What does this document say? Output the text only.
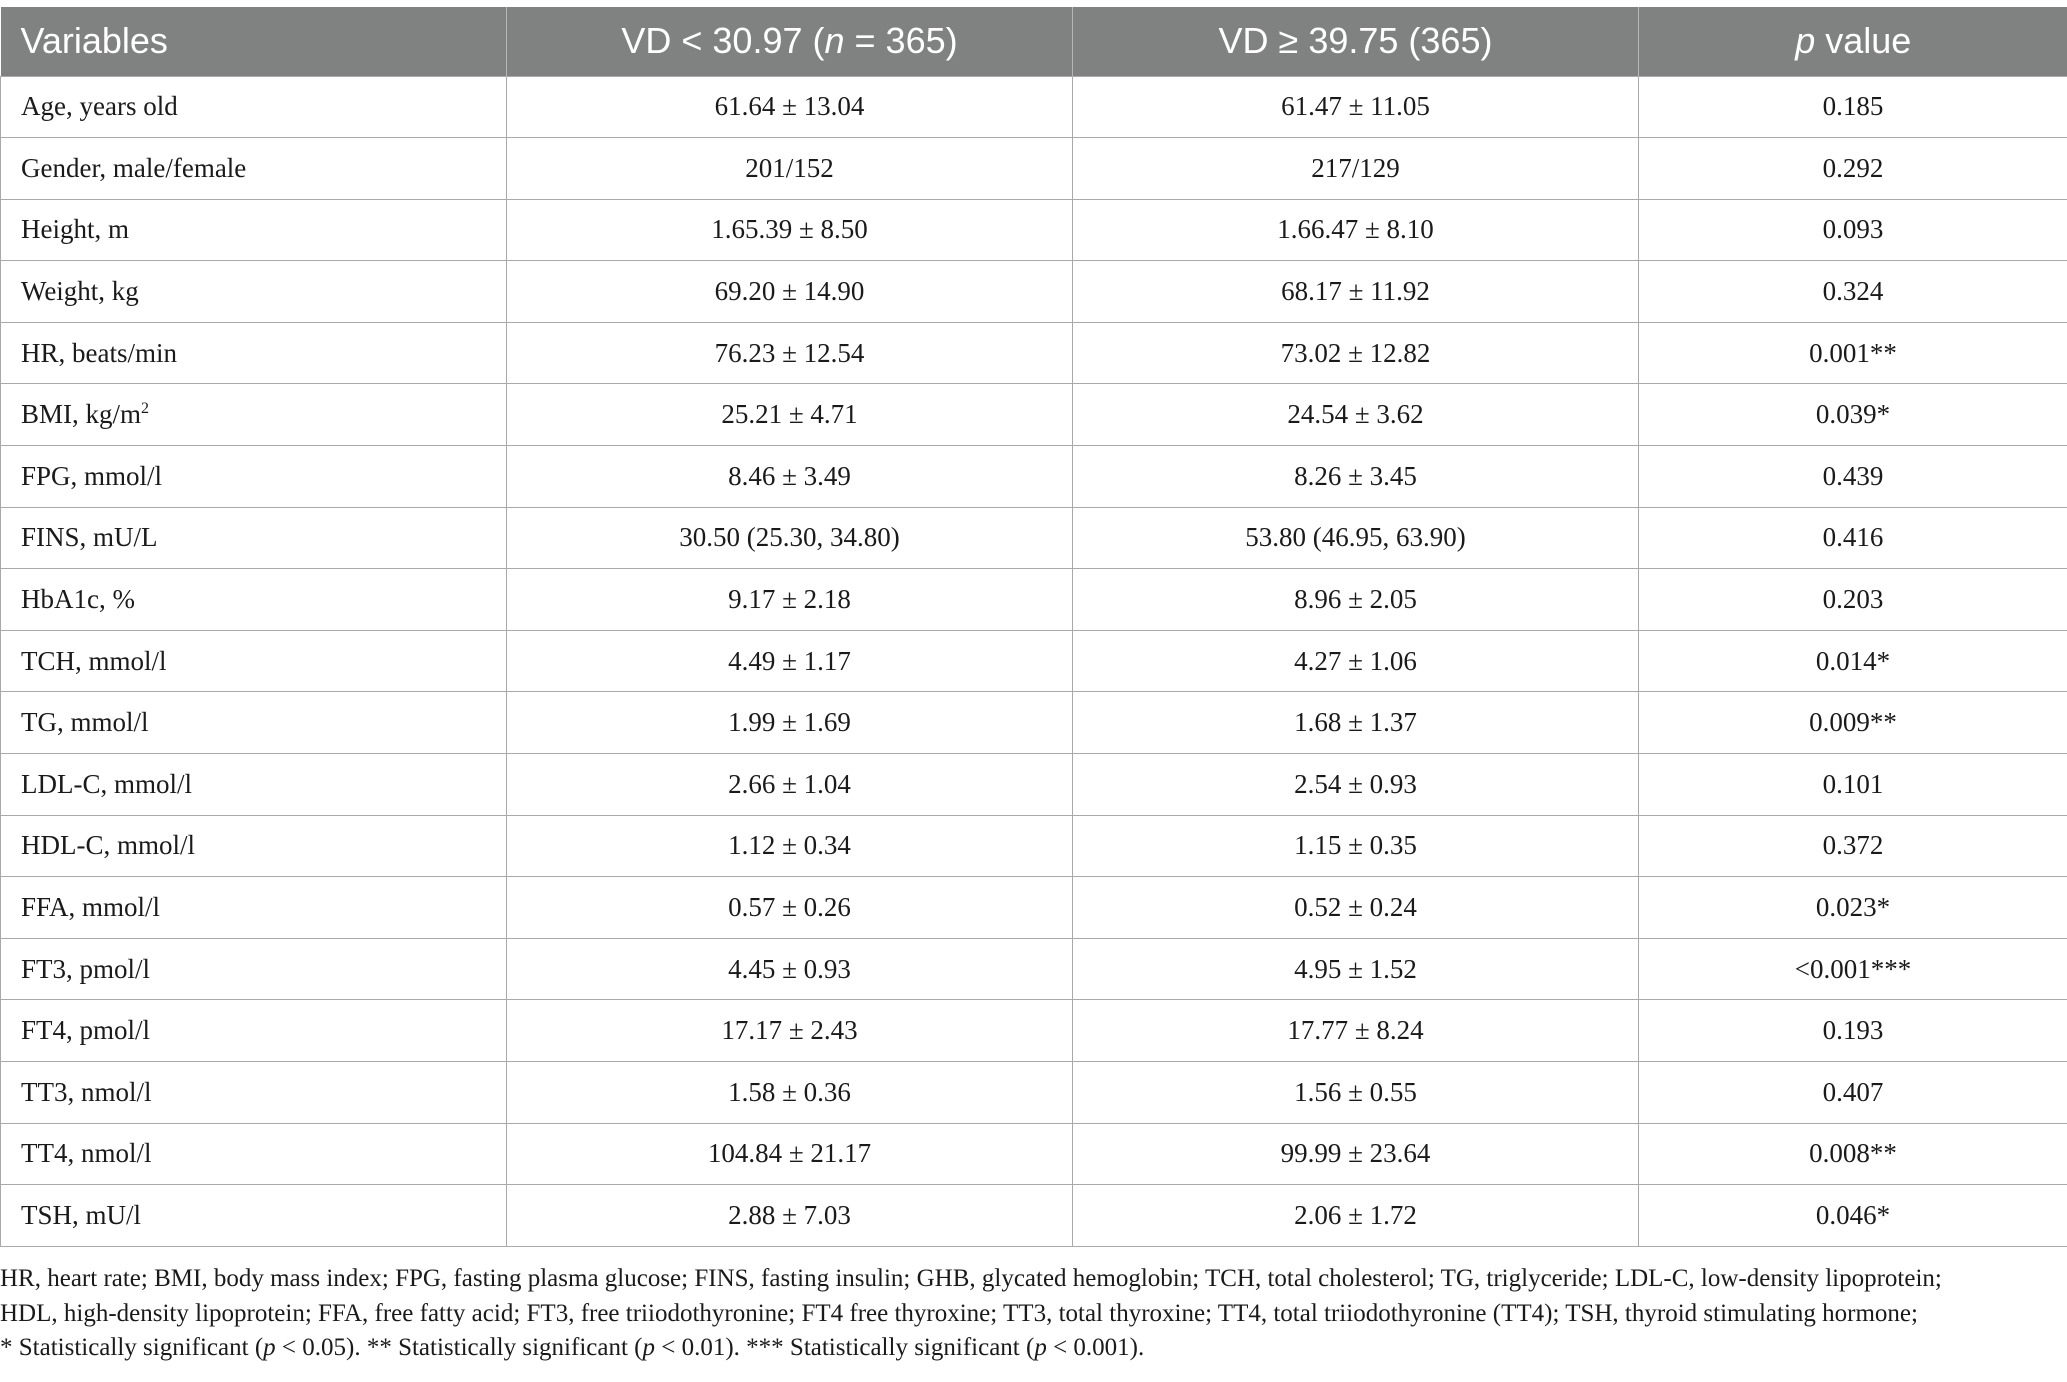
Variables	VD < 30.97 (n = 365)	VD ≥ 39.75 (365)	p value
Age, years old	61.64 ± 13.04	61.47 ± 11.05	0.185
Gender, male/female	201/152	217/129	0.292
Height, m	1.65.39 ± 8.50	1.66.47 ± 8.10	0.093
Weight, kg	69.20 ± 14.90	68.17 ± 11.92	0.324
HR, beats/min	76.23 ± 12.54	73.02 ± 12.82	0.001**
BMI, $kg/m^2$	25.21 ± 4.71	24.54 ± 3.62	0.039*
FPG, mmol/l	8.46 ± 3.49	8.26 ± 3.45	0.439
FINS, mU/L	30.50 (25.30, 34.80)	53.80 (46.95, 63.90)	0.416
HbA1c, %	9.17 ± 2.18	8.96 ± 2.05	0.203
TCH, mmol/l	4.49 ± 1.17	4.27 ± 1.06	0.014*
TG, mmol/l	1.99 ± 1.69	1.68 ± 1.37	0.009**
LDL-C, mmol/l	2.66 ± 1.04	2.54 ± 0.93	0.101
HDL-C, mmol/l	1.12 ± 0.34	1.15 ± 0.35	0.372
FFA, mmol/l	0.57 ± 0.26	0.52 ± 0.24	0.023*
FT3, pmol/l	4.45 ± 0.93	4.95 ± 1.52	<0.001***
FT4, pmol/l	17.17 ± 2.43	17.77 ± 8.24	0.193
TT3, nmol/l	1.58 ± 0.36	1.56 ± 0.55	0.407
TT4, nmol/l	104.84 ± 21.17	99.99 ± 23.64	0.008**
TSH, mU/l	2.88 ± 7.03	2.06 ± 1.72	0.046*
HR, heart rate; BMI, body mass index; FPG, fasting plasma glucose; FINS, fasting insulin; GHB, glycated hemoglobin; TCH, total cholesterol; TG, triglyceride; LDL-C, low-density lipoprotein;
HDL, high-density lipoprotein; FFA, free fatty acid; FT3, free triiodothyronine; FT4 free thyroxine; TT3, total thyroxine; TT4, total triiodothyronine (TT4); TSH, thyroid stimulating hormone;
* Statistically significant (p < 0.05). ** Statistically significant (p < 0.01). *** Statistically significant (p < 0.001).
